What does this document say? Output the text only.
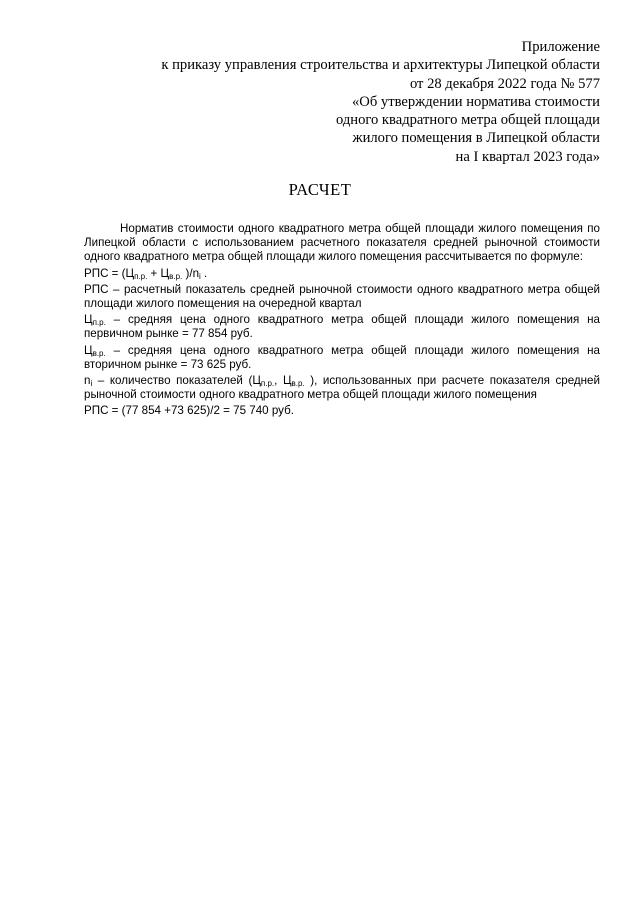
Приложение
к приказу управления строительства и архитектуры Липецкой области
от 28 декабря 2022 года № 577
«Об утверждении норматива стоимости
одного квадратного метра общей площади
жилого помещения в Липецкой области
на I квартал 2023 года»
РАСЧЕТ

Норматив стоимости одного квадратного метра общей площади жилого помещения по Липецкой области с использованием расчетного показателя средней рыночной стоимости одного квадратного метра общей площади жилого помещения рассчитывается по формуле:

РПС = ($Ц_{п.р.} + Ц_{в.р.}$ )$/n_i$ .

РПС – расчетный показатель средней рыночной стоимости одного квадратного метра общей площади жилого помещения на очередной квартал

$Ц_{п.р.}$ – средняя цена одного квадратного метра общей площади жилого помещения на первичном рынке = 77 854 руб.

$Ц_{в.р.}$ – средняя цена одного квадратного метра общей площади жилого помещения на вторичном рынке = 73 625 руб.

$n_i$ – количество показателей ($Ц_{п.р.}$, $Ц_{в.р.}$ ), использованных при расчете показателя средней рыночной стоимости одного квадратного метра общей площади жилого помещения

РПС = (77 854 +73 625)/2 = 75 740 руб.
